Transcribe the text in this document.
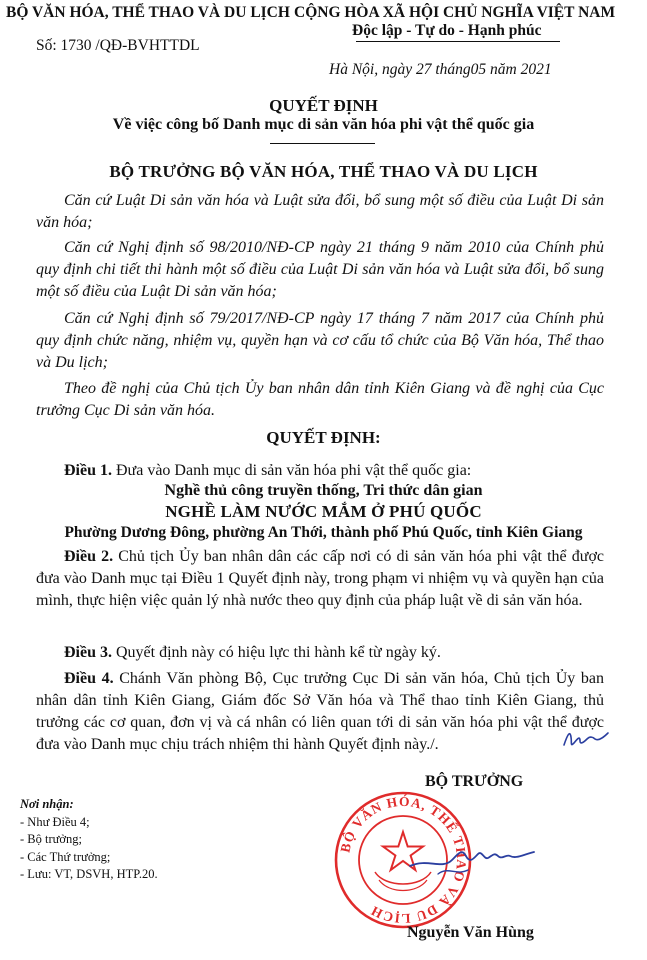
BỘ VĂN HÓA, THỂ THAO VÀ DU LỊCH CỘNG HÒA XÃ HỘI CHỦ NGHĨA VIỆT NAM
Độc lập - Tự do - Hạnh phúc
Số: 1730 /QĐ-BVHTTDL
Hà Nội, ngày 27 tháng05 năm 2021
QUYẾT ĐỊNH
Về việc công bố Danh mục di sản văn hóa phi vật thể quốc gia
BỘ TRƯỞNG BỘ VĂN HÓA, THỂ THAO VÀ DU LỊCH
Căn cứ Luật Di sản văn hóa và Luật sửa đổi, bổ sung một số điều của Luật Di sản văn hóa;
Căn cứ Nghị định số 98/2010/NĐ-CP ngày 21 tháng 9 năm 2010 của Chính phủ quy định chi tiết thi hành một số điều của Luật Di sản văn hóa và Luật sửa đổi, bổ sung một số điều của Luật Di sản văn hóa;
Căn cứ Nghị định số 79/2017/NĐ-CP ngày 17 tháng 7 năm 2017 của Chính phủ quy định chức năng, nhiệm vụ, quyền hạn và cơ cấu tổ chức của Bộ Văn hóa, Thể thao và Du lịch;
Theo đề nghị của Chủ tịch Ủy ban nhân dân tỉnh Kiên Giang và đề nghị của Cục trưởng Cục Di sản văn hóa.
QUYẾT ĐỊNH:
Điều 1. Đưa vào Danh mục di sản văn hóa phi vật thể quốc gia:
Nghề thủ công truyền thống, Tri thức dân gian
NGHỀ LÀM NƯỚC MẮM Ở PHÚ QUỐC
Phường Dương Đông, phường An Thới, thành phố Phú Quốc, tỉnh Kiên Giang
Điều 2. Chủ tịch Ủy ban nhân dân các cấp nơi có di sản văn hóa phi vật thể được đưa vào Danh mục tại Điều 1 Quyết định này, trong phạm vi nhiệm vụ và quyền hạn của mình, thực hiện việc quản lý nhà nước theo quy định của pháp luật về di sản văn hóa.
Điều 3. Quyết định này có hiệu lực thi hành kể từ ngày ký.
Điều 4. Chánh Văn phòng Bộ, Cục trưởng Cục Di sản văn hóa, Chủ tịch Ủy ban nhân dân tỉnh Kiên Giang, Giám đốc Sở Văn hóa và Thể thao tỉnh Kiên Giang, thủ trưởng các cơ quan, đơn vị và cá nhân có liên quan tới di sản văn hóa phi vật thể được đưa vào Danh mục chịu trách nhiệm thi hành Quyết định này./.
Nơi nhận:
- Như Điều 4;
- Bộ trưởng;
- Các Thứ trưởng;
- Lưu: VT, DSVH, HTP.20.
BỘ TRƯỞNG
BỘ VĂN HÓA, THỂ THAO VÀ DU LỊCH
Nguyễn Văn Hùng
